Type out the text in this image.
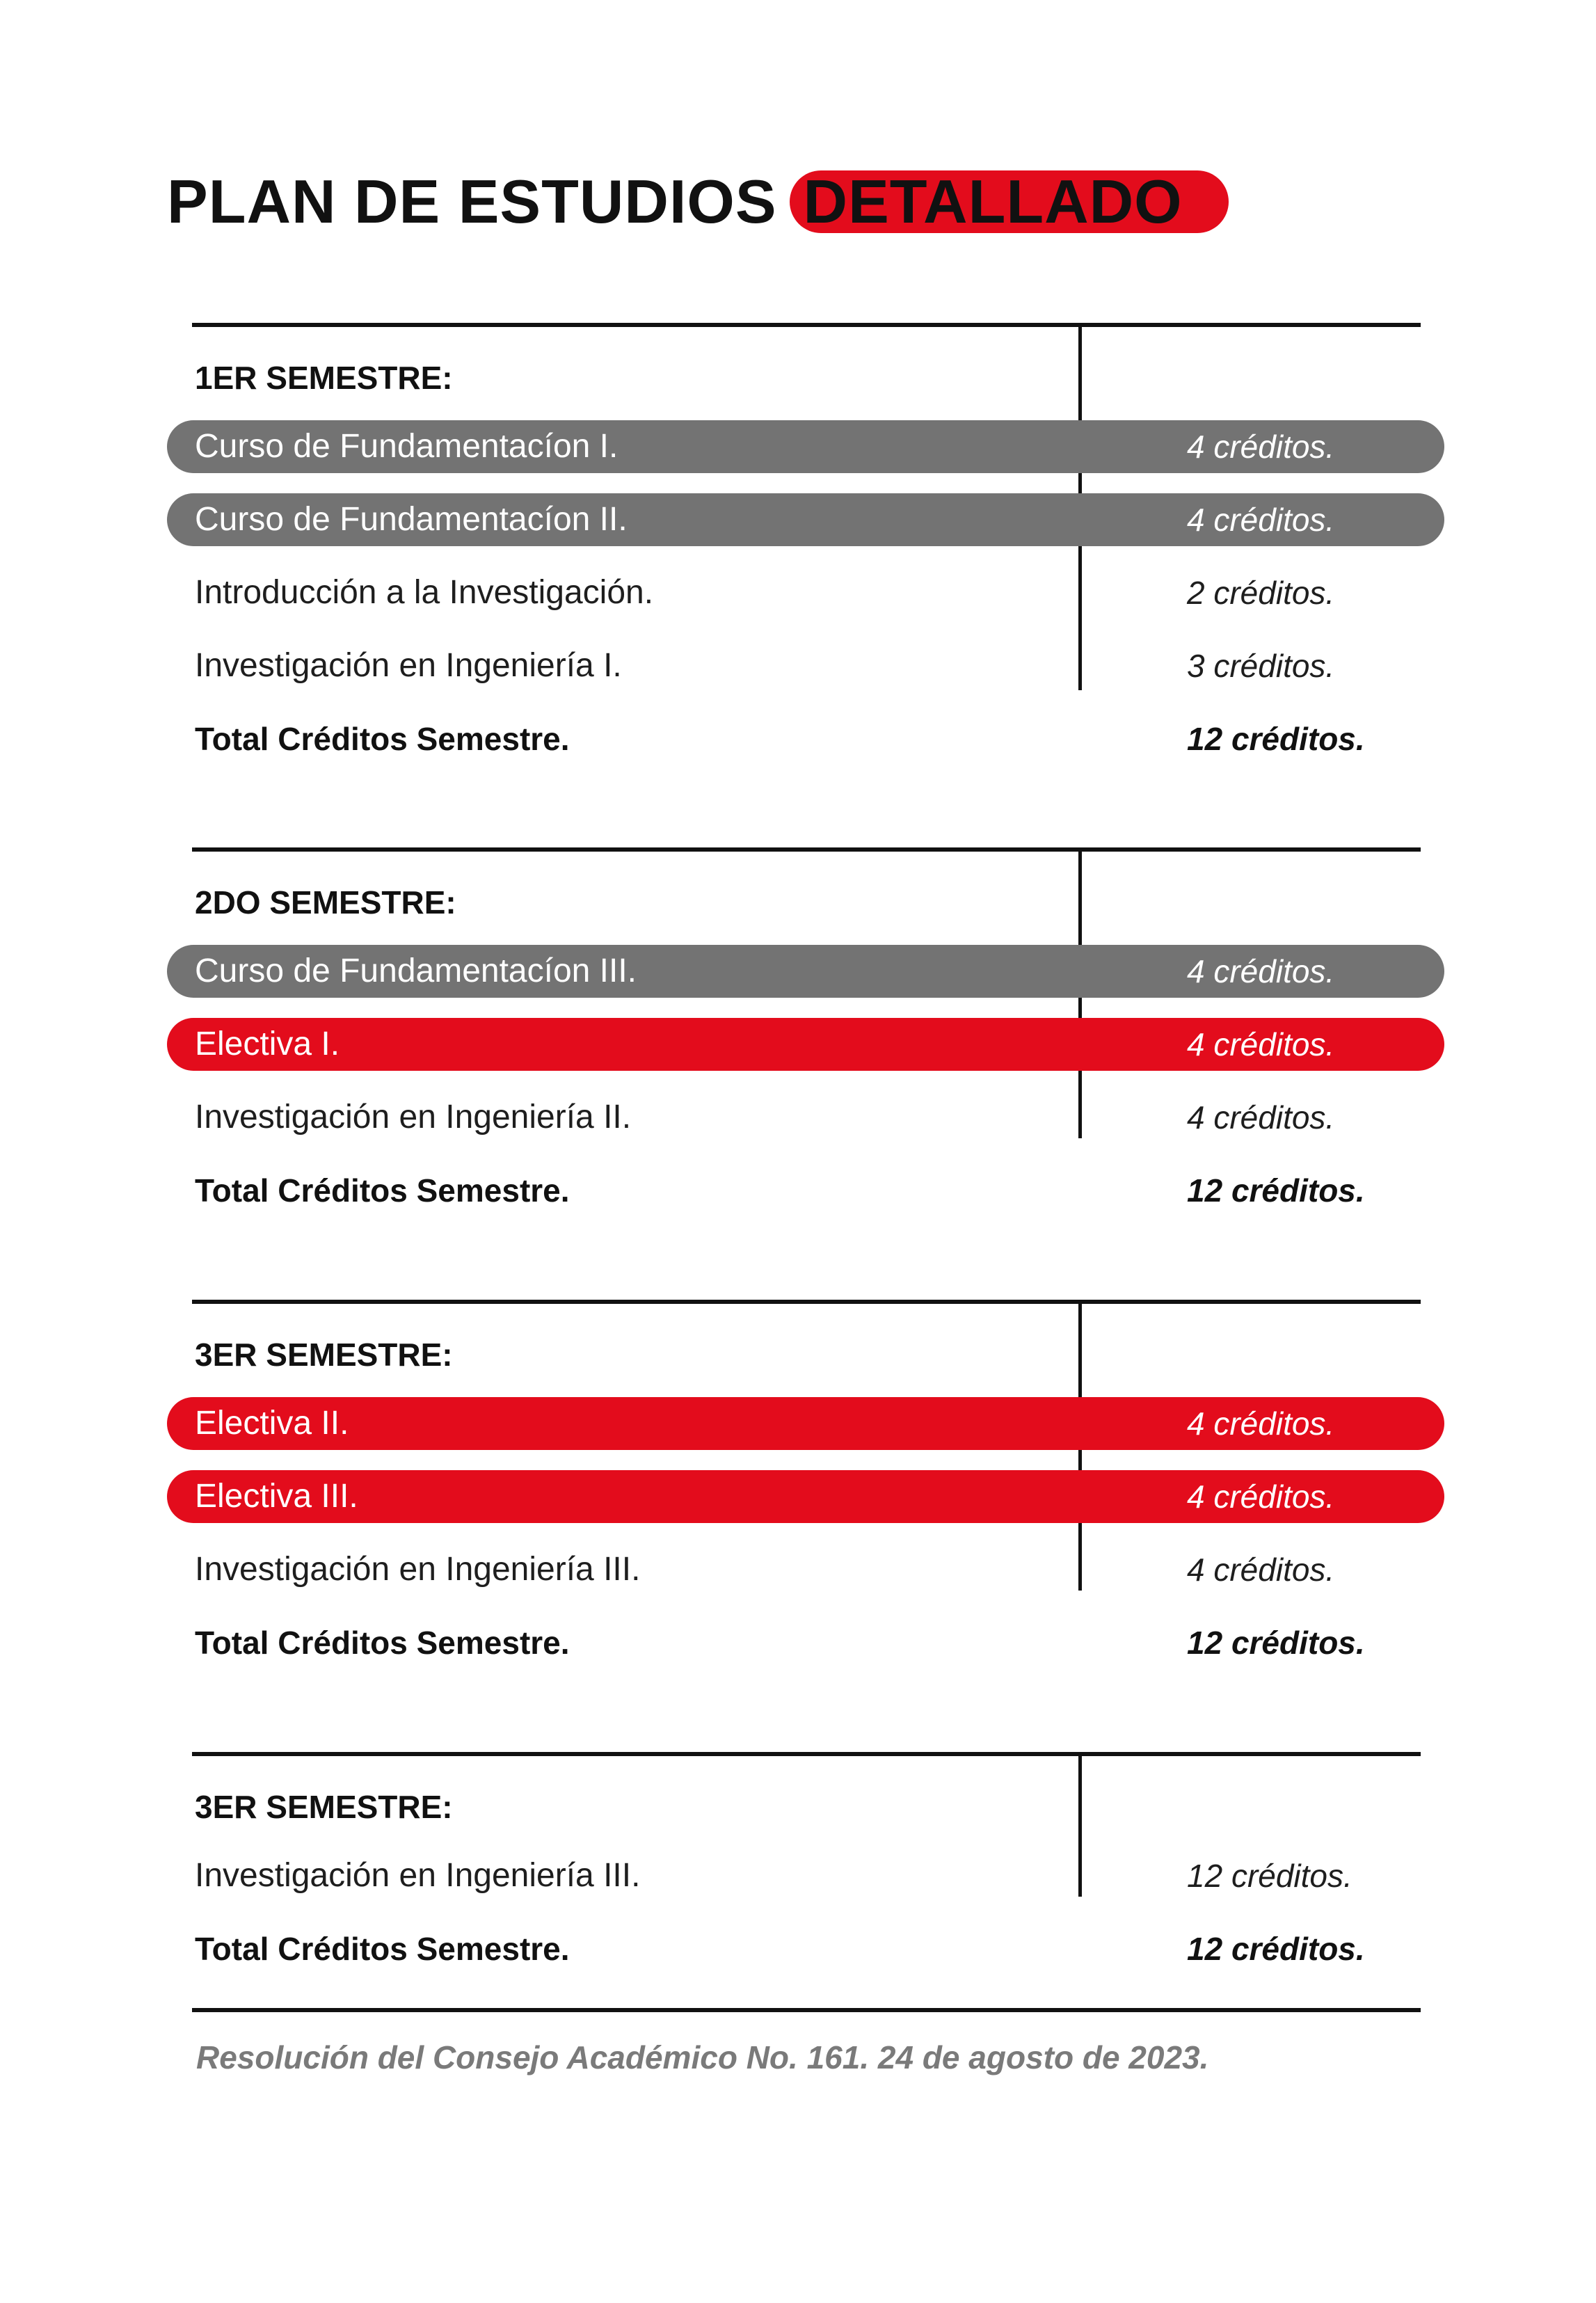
PLAN DE ESTUDIOS DETALLADO
1ER SEMESTRE:
Curso de Fundamentacíon I.	4 créditos.
Curso de Fundamentacíon II.	4 créditos.
Introducción a la Investigación.	2 créditos.
Investigación en Ingeniería I.	3 créditos.
Total Créditos Semestre.	12 créditos.
2DO SEMESTRE:
Curso de Fundamentacíon III.	4 créditos.
Electiva I.	4 créditos.
Investigación en Ingeniería II.	4 créditos.
Total Créditos Semestre.	12 créditos.
3ER SEMESTRE:
Electiva II.	4 créditos.
Electiva III.	4 créditos.
Investigación en Ingeniería III.	4 créditos.
Total Créditos Semestre.	12 créditos.
3ER SEMESTRE:
Investigación en Ingeniería III.	12 créditos.
Total Créditos Semestre.	12 créditos.
Resolución del Consejo Académico No. 161. 24 de agosto de 2023.
